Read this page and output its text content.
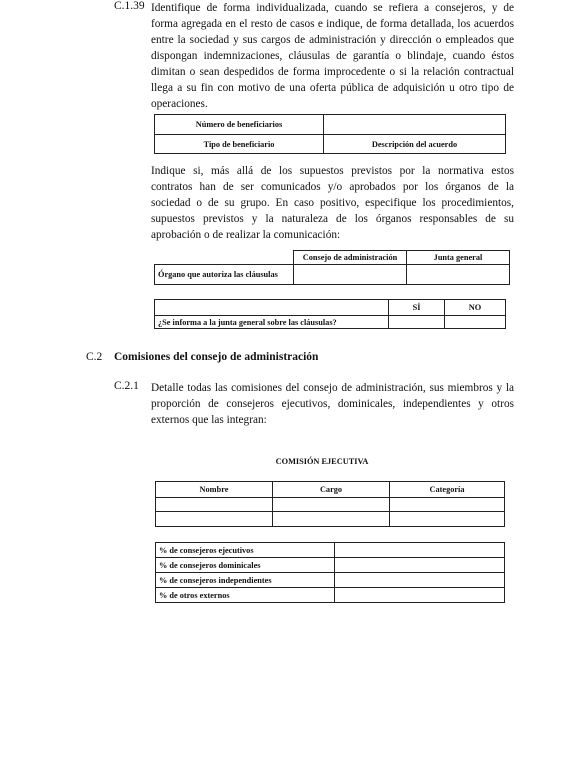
C.1.39 Identifique de forma individualizada, cuando se refiera a consejeros, y de
forma agregada en el resto de casos e indique, de forma detallada, los acuerdos
entre la sociedad y sus cargos de administración y dirección o empleados que
dispongan indemnizaciones, cláusulas de garantía o blindaje, cuando éstos
dimitan o sean despedidos de forma improcedente o si la relación contractual
llega a su fin con motivo de una oferta pública de adquisición u otro tipo de
operaciones.
Número de beneficiarios	
Tipo de beneficiario	Descripción del acuerdo
Indique si, más allá de los supuestos previstos por la normativa estos
contratos han de ser comunicados y/o aprobados por los órganos de la
sociedad o de su grupo. En caso positivo, especifique los procedimientos,
supuestos previstos y la naturaleza de los órganos responsables de su
aprobación o de realizar la comunicación:
	Consejo de administración	Junta general
Órgano que autoriza las cláusulas		
	SÍ	NO
¿Se informa a la junta general sobre las cláusulas?		
C.2 Comisiones del consejo de administración
C.2.1 Detalle todas las comisiones del consejo de administración, sus miembros y la
proporción de consejeros ejecutivos, dominicales, independientes y otros
externos que las integran:
COMISIÓN EJECUTIVA
Nombre	Cargo	Categoría

% de consejeros ejecutivos	
% de consejeros dominicales	
% de consejeros independientes	
% de otros externos	
